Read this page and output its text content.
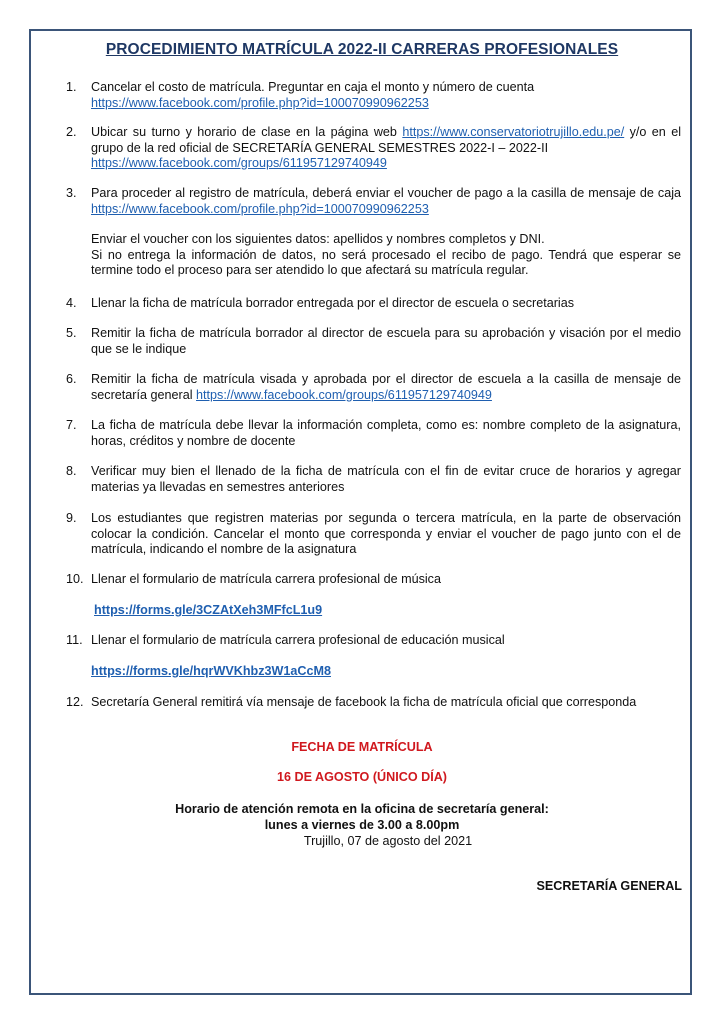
PROCEDIMIENTO MATRÍCULA 2022-II CARRERAS PROFESIONALES
1. Cancelar el costo de matrícula. Preguntar en caja el monto y número de cuenta
https://www.facebook.com/profile.php?id=100070990962253
2. Ubicar su turno y horario de clase en la página web https://www.conservatoriotrujillo.edu.pe/ y/o en el grupo de la red oficial de SECRETARÍA GENERAL SEMESTRES 2022-I – 2022-II
https://www.facebook.com/groups/611957129740949
3. Para proceder al registro de matrícula, deberá enviar el voucher de pago a la casilla de mensaje de caja https://www.facebook.com/profile.php?id=100070990962253
Enviar el voucher con los siguientes datos: apellidos y nombres completos y DNI.
Si no entrega la información de datos, no será procesado el recibo de pago. Tendrá que esperar se termine todo el proceso para ser atendido lo que afectará su matrícula regular.
4. Llenar la ficha de matrícula borrador entregada por el director de escuela o secretarias
5. Remitir la ficha de matrícula borrador al director de escuela para su aprobación y visación por el medio que se le indique
6. Remitir la ficha de matrícula visada y aprobada por el director de escuela a la casilla de mensaje de secretaría general https://www.facebook.com/groups/611957129740949
7. La ficha de matrícula debe llevar la información completa, como es: nombre completo de la asignatura, horas, créditos y nombre de docente
8. Verificar muy bien el llenado de la ficha de matrícula con el fin de evitar cruce de horarios y agregar materias ya llevadas en semestres anteriores
9. Los estudiantes que registren materias por segunda o tercera matrícula, en la parte de observación colocar la condición. Cancelar el monto que corresponda y enviar el voucher de pago junto con el de matrícula, indicando el nombre de la asignatura
10. Llenar el formulario de matrícula carrera profesional de música
https://forms.gle/3CZAtXeh3MFfcL1u9
11. Llenar el formulario de matrícula carrera profesional de educación musical
https://forms.gle/hqrWVKhbz3W1aCcM8
12. Secretaría General remitirá vía mensaje de facebook la ficha de matrícula oficial que corresponda
FECHA DE MATRÍCULA
16 DE AGOSTO (ÚNICO DÍA)
Horario de atención remota en la oficina de secretaría general:
lunes a viernes de 3.00 a 8.00pm
Trujillo, 07 de agosto del 2021
SECRETARÍA GENERAL
